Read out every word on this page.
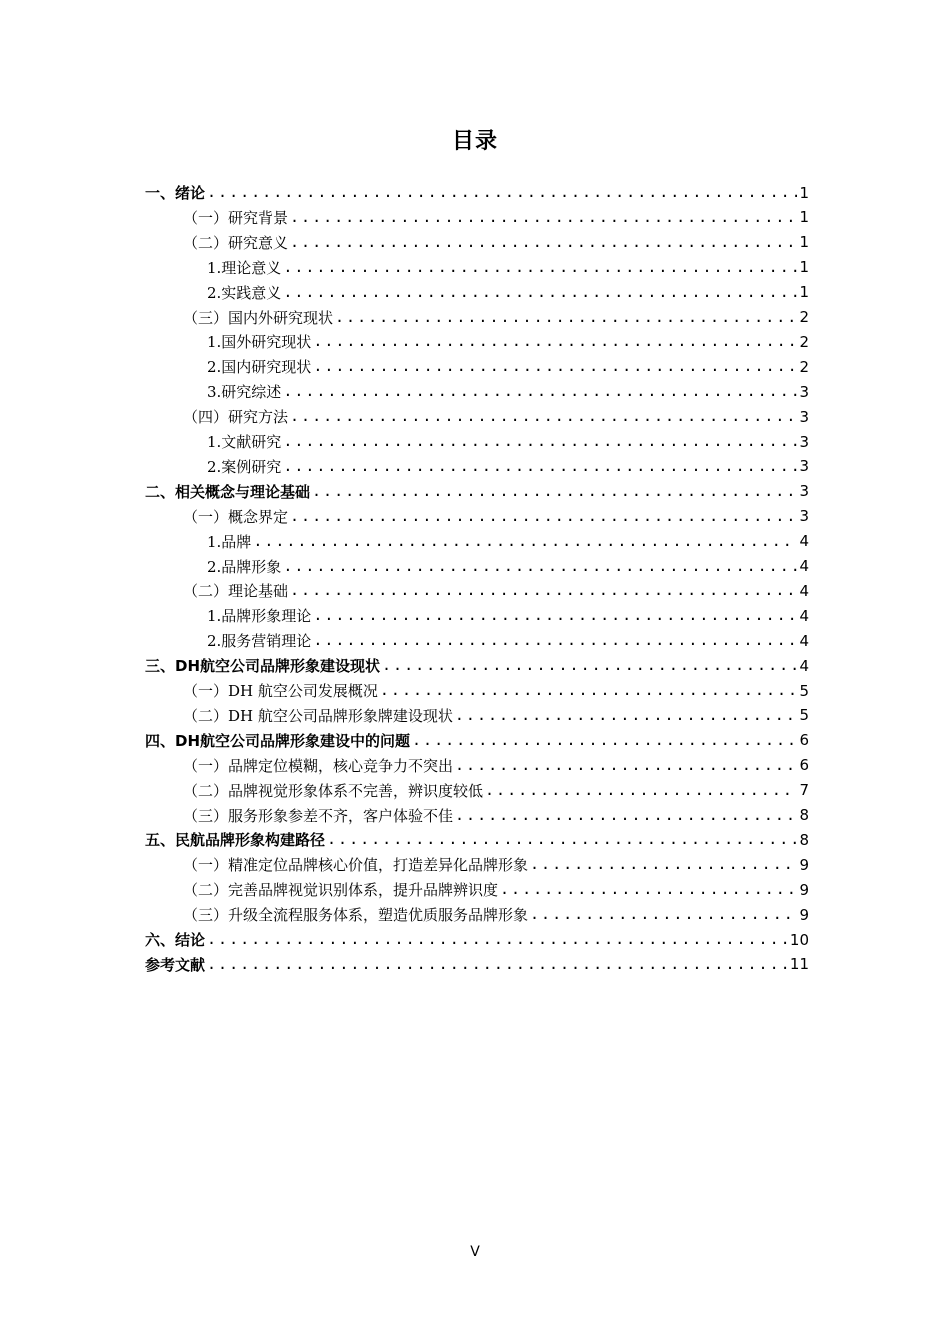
目录
一、绪论 .....	1
（一）研究背景 .....	1
（二）研究意义 .....	1
1.理论意义 .....	1
2.实践意义 .....	1
（三）国内外研究现状 .....	2
1.国外研究现状 .....	2
2.国内研究现状 .....	2
3.研究综述 .....	3
（四）研究方法 .....	3
1.文献研究 .....	3
2.案例研究 .....	3
二、相关概念与理论基础 .....	3
（一）概念界定 .....	3
1.品牌 .....	4
2.品牌形象 .....	4
（二）理论基础 .....	4
1.品牌形象理论 .....	4
2.服务营销理论 .....	4
三、DH航空公司品牌形象建设现状 .....	4
（一）DH 航空公司发展概况 .....	5
（二）DH 航空公司品牌形象牌建设现状 .....	5
四、DH航空公司品牌形象建设中的问题 .....	6
（一）品牌定位模糊，核心竞争力不突出 .....	6
（二）品牌视觉形象体系不完善，辨识度较低 .....	7
（三）服务形象参差不齐，客户体验不佳 .....	8
五、民航品牌形象构建路径 .....	8
（一）精准定位品牌核心价值，打造差异化品牌形象 .....	9
（二）完善品牌视觉识别体系，提升品牌辨识度 .....	9
（三）升级全流程服务体系，塑造优质服务品牌形象 .....	9
六、结论 .....	10
参考文献 .....	11
V
